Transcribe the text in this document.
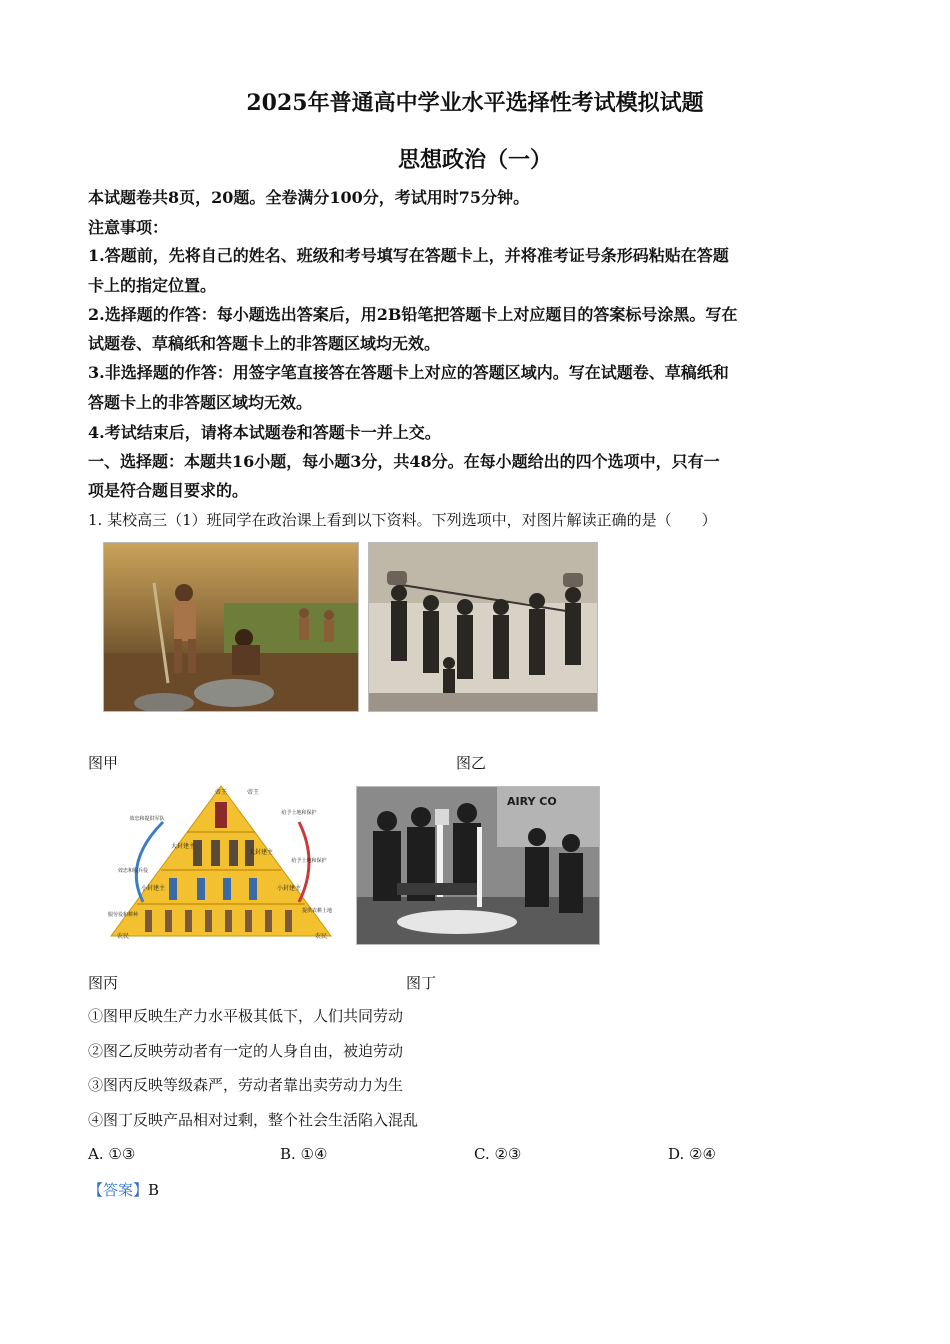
2025年普通高中学业水平选择性考试模拟试题
思想政治（一）
本试题卷共8页，20题。全卷满分100分，考试用时75分钟。
注意事项：
1.答题前，先将自己的姓名、班级和考号填写在答题卡上，并将准考证号条形码粘贴在答题
卡上的指定位置。
2.选择题的作答：每小题选出答案后，用2B铅笔把答题卡上对应题目的答案标号涂黑。写在
试题卷、草稿纸和答题卡上的非答题区域均无效。
3.非选择题的作答：用签字笔直接答在答题卡上对应的答题区域内。写在试题卷、草稿纸和
答题卡上的非答题区域均无效。
4.考试结束后，请将本试题卷和答题卡一并上交。
一、选择题：本题共16小题，每小题3分，共48分。在每小题给出的四个选项中，只有一
项是符合题目要求的。
1. 某校高三（1）班同学在政治课上看到以下资料。下列选项中，对图片解读正确的是（　　）
图甲	图乙
帝王	帝王
大封建主
大封建主
小封建主	小封建主
农民	农民
效忠和提供军队
效忠和服兵役
服劳役和耕种
给予土地和保护
给予土地和保护
提供农耕土地
AIRY CO
图丙	图丁
①图甲反映生产力水平极其低下，人们共同劳动
②图乙反映劳动者有一定的人身自由，被迫劳动
③图丙反映等级森严，劳动者靠出卖劳动力为生
④图丁反映产品相对过剩，整个社会生活陷入混乱
A. ①③	B. ①④	C. ②③	D. ②④
【答案】B
